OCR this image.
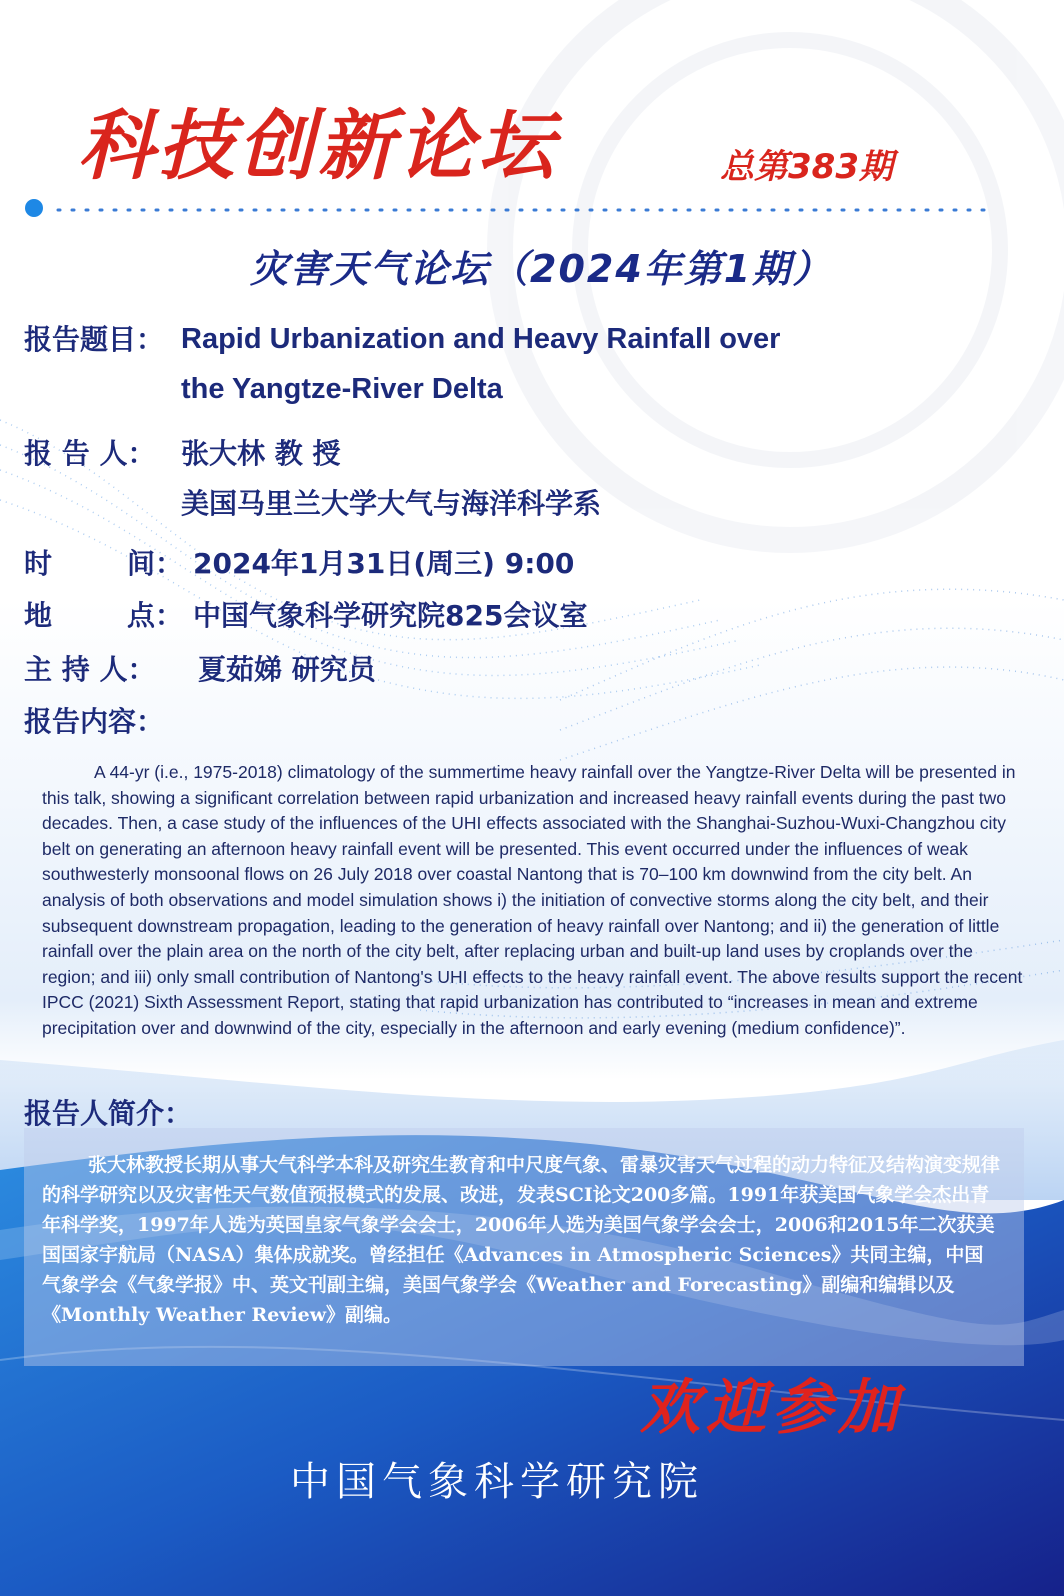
科技创新论坛	总第383期
灾害天气论坛（2024年第1期）
报告题目： Rapid Urbanization and Heavy Rainfall over
the Yangtze-River Delta
报 告 人： 张大林 教 授
美国马里兰大学大气与海洋科学系
时	间： 2024年1月31日(周三) 9:00
地	点： 中国气象科学研究院825会议室
主 持 人： 夏茹娣 研究员
报告内容：

A 44-yr (i.e., 1975-2018) climatology of the summertime heavy rainfall over the Yangtze-River Delta will be presented in this talk, showing a significant correlation between rapid urbanization and increased heavy rainfall events during the past two decades. Then, a case study of the influences of the UHI effects associated with the Shanghai-Suzhou-Wuxi-Changzhou city belt on generating an afternoon heavy rainfall event will be presented. This event occurred under the influences of weak southwesterly monsoonal flows on 26 July 2018 over coastal Nantong that is 70–100 km downwind from the city belt. An analysis of both observations and model simulation shows i) the initiation of convective storms along the city belt, and their subsequent downstream propagation, leading to the generation of heavy rainfall over Nantong; and ii) the generation of little rainfall over the plain area on the north of the city belt, after replacing urban and built-up land uses by croplands over the region; and iii) only small contribution of Nantong's UHI effects to the heavy rainfall event. The above results support the recent IPCC (2021) Sixth Assessment Report, stating that rapid urbanization has contributed to “increases in mean and extreme precipitation over and downwind of the city, especially in the afternoon and early evening (medium confidence)”.

报告人简介：

张大林教授长期从事大气科学本科及研究生教育和中尺度气象、雷暴灾害天气过程的动力特征及结构演变规律的科学研究以及灾害性天气数值预报模式的发展、改进，发表SCI论文200多篇。1991年获美国气象学会杰出青年科学奖，1997年人选为英国皇家气象学会会士，2006年人选为美国气象学会会士，2006和2015年二次获美国国家宇航局（NASA）集体成就奖。曾经担任《Advances in Atmospheric Sciences》共同主编，中国气象学会《气象学报》中、英文刊副主编，美国气象学会《Weather and Forecasting》副编和编辑以及《Monthly Weather Review》副编。

欢迎参加
中国气象科学研究院
